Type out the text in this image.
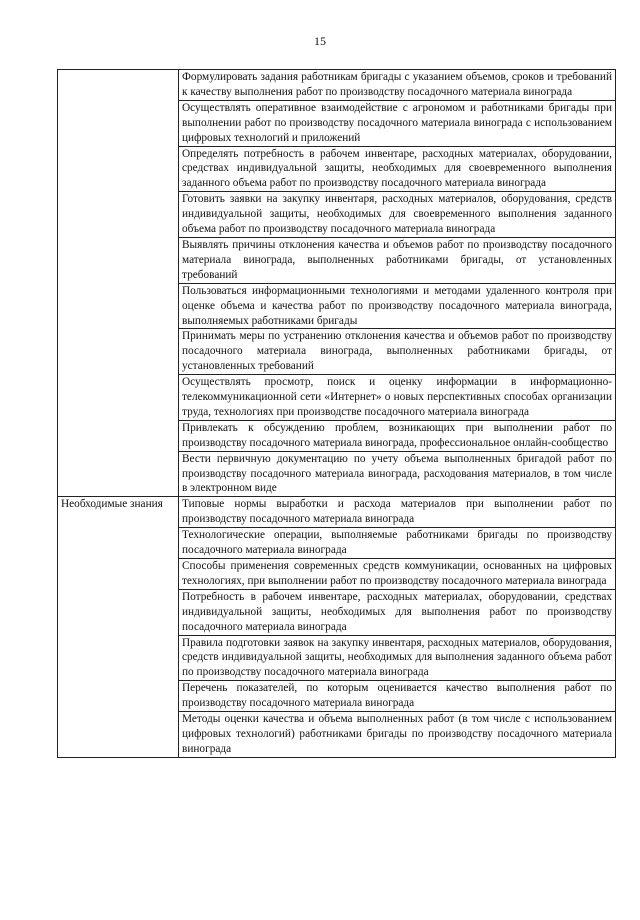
15
	Формулировать задания работникам бригады с указанием объемов, сроков и требований к качеству выполнения работ по производству посадочного материала винограда
	Осуществлять оперативное взаимодействие с агрономом и работниками бригады при выполнении работ по производству посадочного материала винограда с использованием цифровых технологий и приложений
	Определять потребность в рабочем инвентаре, расходных материалах, оборудовании, средствах индивидуальной защиты, необходимых для своевременного выполнения заданного объема работ по производству посадочного материала винограда
	Готовить заявки на закупку инвентаря, расходных материалов, оборудования, средств индивидуальной защиты, необходимых для своевременного выполнения заданного объема работ по производству посадочного материала винограда
	Выявлять причины отклонения качества и объемов работ по производству посадочного материала винограда, выполненных работниками бригады, от установленных требований
	Пользоваться информационными технологиями и методами удаленного контроля при оценке объема и качества работ по производству посадочного материала винограда, выполняемых работниками бригады
	Принимать меры по устранению отклонения качества и объемов работ по производству посадочного материала винограда, выполненных работниками бригады, от установленных требований
	Осуществлять просмотр, поиск и оценку информации в информационно-телекоммуникационной сети «Интернет» о новых перспективных способах организации труда, технологиях при производстве посадочного материала винограда
	Привлекать к обсуждению проблем, возникающих при выполнении работ по производству посадочного материала винограда, профессиональное онлайн-сообщество
	Вести первичную документацию по учету объема выполненных бригадой работ по производству посадочного материала винограда, расходования материалов, в том числе в электронном виде
Необходимые знания	Типовые нормы выработки и расхода материалов при выполнении работ по производству посадочного материала винограда
	Технологические операции, выполняемые работниками бригады по производству посадочного материала винограда
	Способы применения современных средств коммуникации, основанных на цифровых технологиях, при выполнении работ по производству посадочного материала винограда
	Потребность в рабочем инвентаре, расходных материалах, оборудовании, средствах индивидуальной защиты, необходимых для выполнения работ по производству посадочного материала винограда
	Правила подготовки заявок на закупку инвентаря, расходных материалов, оборудования, средств индивидуальной защиты, необходимых для выполнения заданного объема работ по производству посадочного материала винограда
	Перечень показателей, по которым оценивается качество выполнения работ по производству посадочного материала винограда
	Методы оценки качества и объема выполненных работ (в том числе с использованием цифровых технологий) работниками бригады по производству посадочного материала винограда
